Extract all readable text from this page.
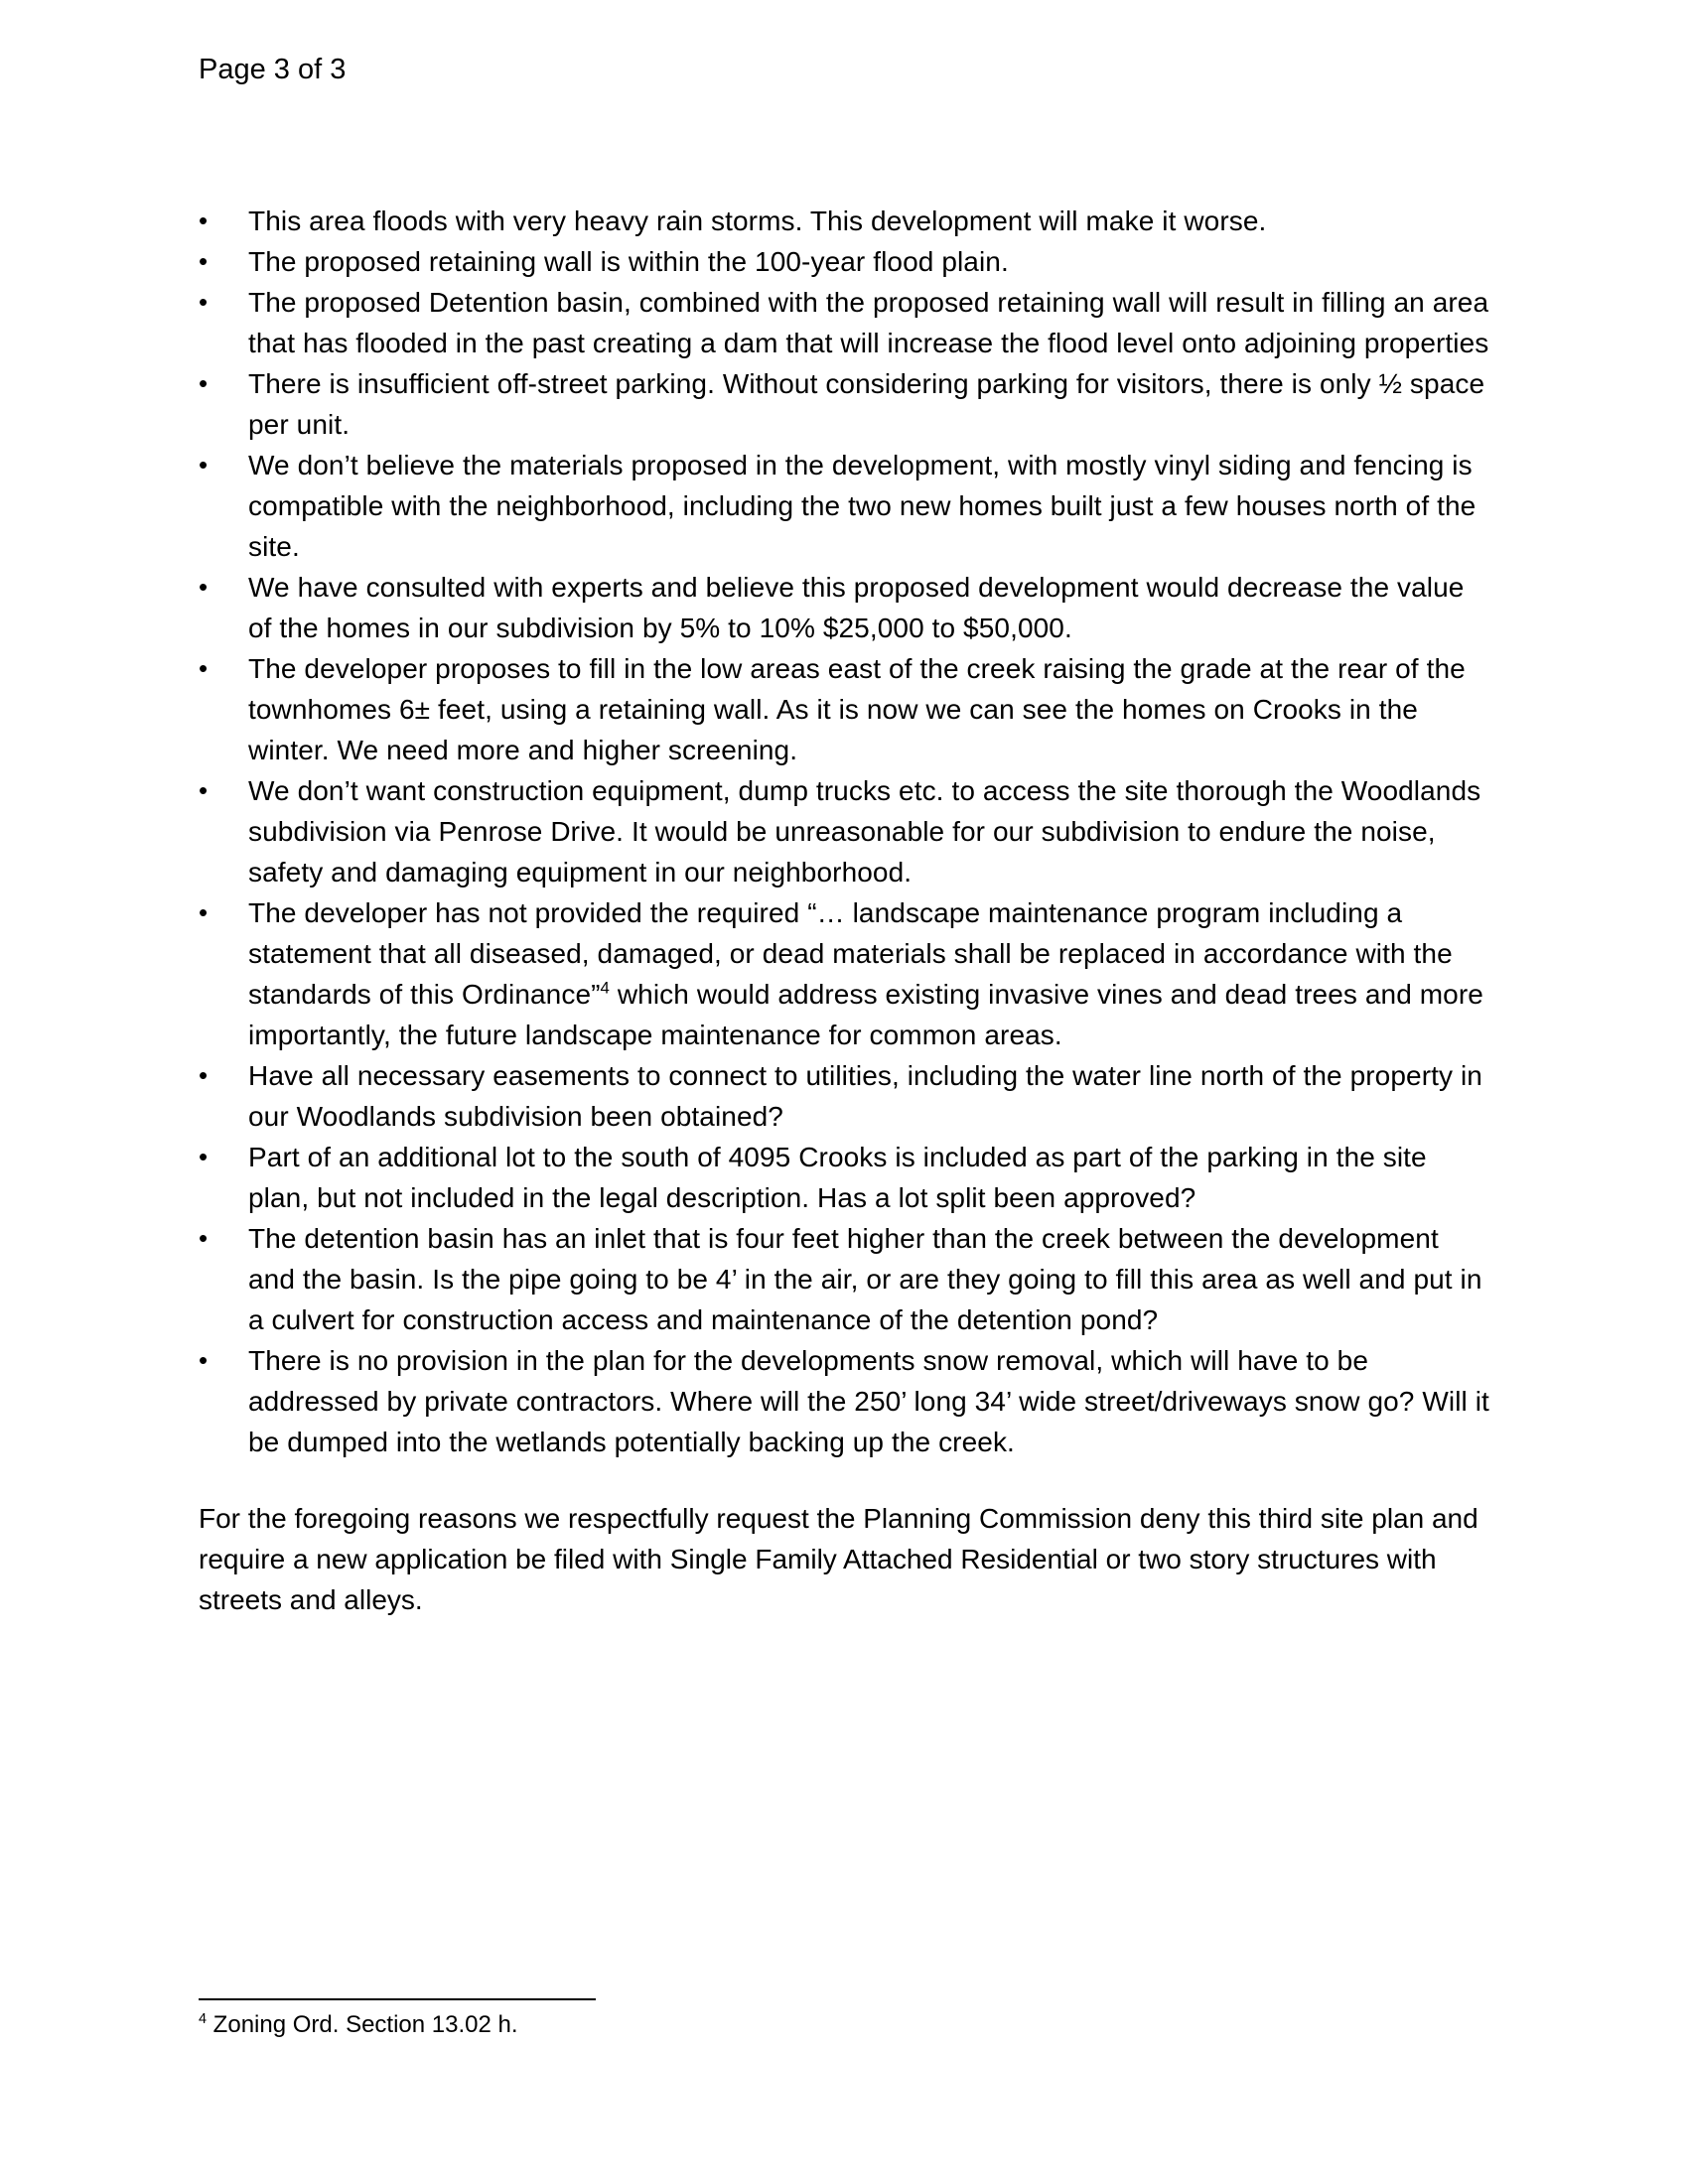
Page 3 of 3
• This area floods with very heavy rain storms. This development will make it worse.
• The proposed retaining wall is within the 100-year flood plain.
• The proposed Detention basin, combined with the proposed retaining wall will result in filling an area that has flooded in the past creating a dam that will increase the flood level onto adjoining properties
• There is insufficient off-street parking. Without considering parking for visitors, there is only ½ space per unit.
• We don’t believe the materials proposed in the development, with mostly vinyl siding and fencing is compatible with the neighborhood, including the two new homes built just a few houses north of the site.
• We have consulted with experts and believe this proposed development would decrease the value of the homes in our subdivision by 5% to 10% $25,000 to $50,000.
• The developer proposes to fill in the low areas east of the creek raising the grade at the rear of the townhomes 6± feet, using a retaining wall. As it is now we can see the homes on Crooks in the winter. We need more and higher screening.
• We don’t want construction equipment, dump trucks etc. to access the site thorough the Woodlands subdivision via Penrose Drive. It would be unreasonable for our subdivision to endure the noise, safety and damaging equipment in our neighborhood.
• The developer has not provided the required “… landscape maintenance program including a statement that all diseased, damaged, or dead materials shall be replaced in accordance with the standards of this Ordinance”$^4$ which would address existing invasive vines and dead trees and more importantly, the future landscape maintenance for common areas.
• Have all necessary easements to connect to utilities, including the water line north of the property in our Woodlands subdivision been obtained?
• Part of an additional lot to the south of 4095 Crooks is included as part of the parking in the site plan, but not included in the legal description. Has a lot split been approved?
• The detention basin has an inlet that is four feet higher than the creek between the development and the basin. Is the pipe going to be 4’ in the air, or are they going to fill this area as well and put in a culvert for construction access and maintenance of the detention pond?
• There is no provision in the plan for the developments snow removal, which will have to be addressed by private contractors. Where will the 250’ long 34’ wide street/driveways snow go? Will it be dumped into the wetlands potentially backing up the creek.

For the foregoing reasons we respectfully request the Planning Commission deny this third site plan and require a new application be filed with Single Family Attached Residential or two story structures with streets and alleys.

$^4$ Zoning Ord. Section 13.02 h.
